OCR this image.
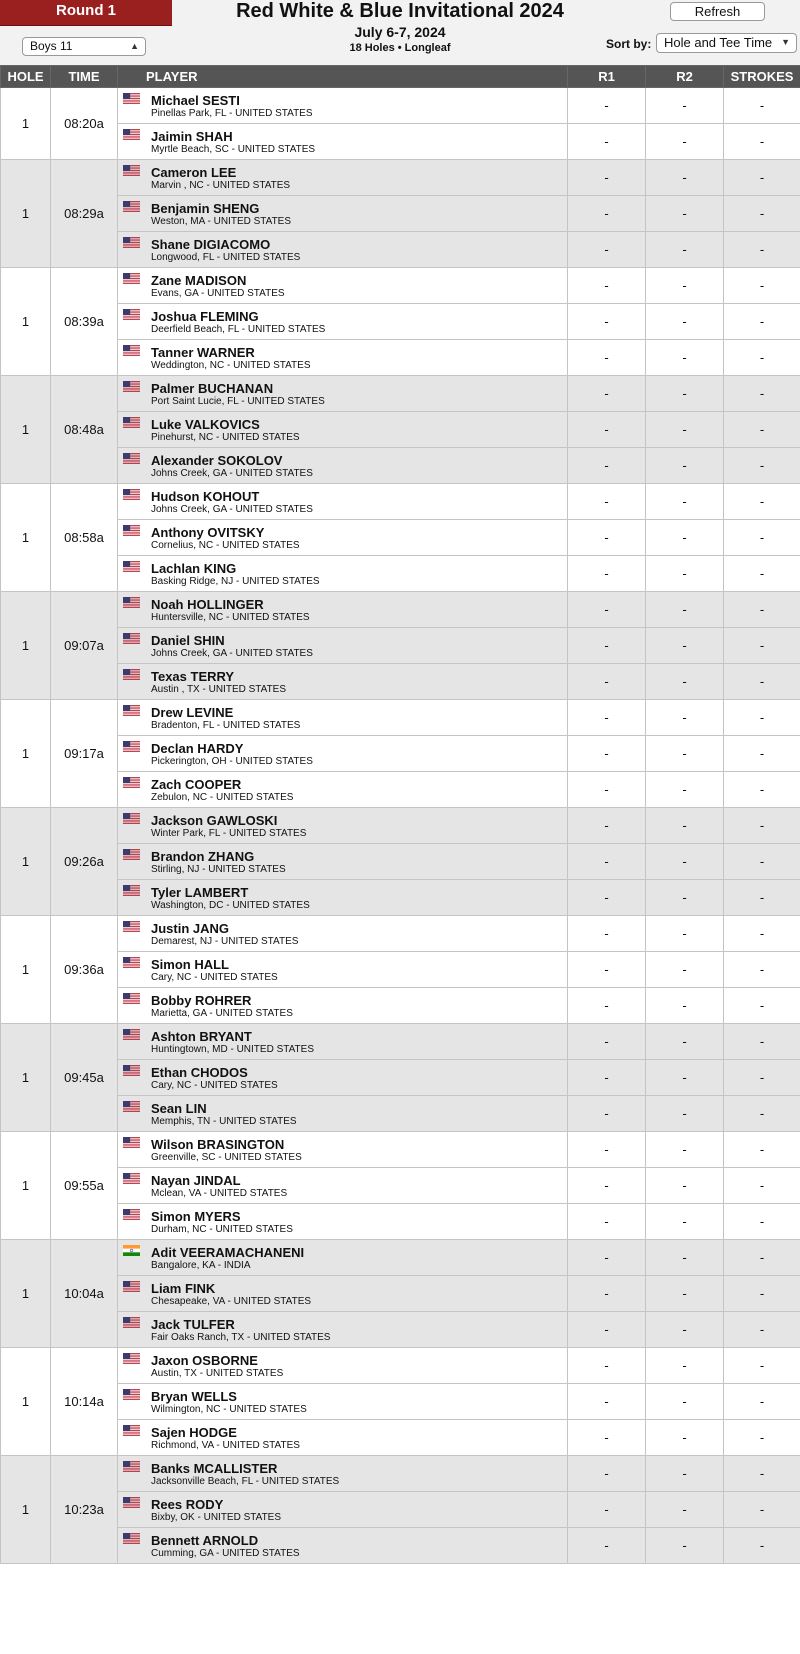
Round 1	Red White & Blue Invitational 2024
July 6-7, 2024
18 Holes • Longleaf
Refresh
Boys 11	▲	Sort by: Hole and Tee Time ▼
HOLE	TIME	PLAYER	R1	R2	STROKES
1	08:20a	Michael SESTI
Pinellas Park, FL - UNITED STATES	-	-	-

		Jaimin SHAH
Myrtle Beach, SC - UNITED STATES	-	-	-
1	08:29a	Cameron LEE
Marvin , NC - UNITED STATES	-	-	-

		Benjamin SHENG
Weston, MA - UNITED STATES	-	-	-

		Shane DIGIACOMO
Longwood, FL - UNITED STATES	-	-	-
1	08:39a	Zane MADISON
Evans, GA - UNITED STATES	-	-	-

		Joshua FLEMING
Deerfield Beach, FL - UNITED STATES	-	-	-

		Tanner WARNER
Weddington, NC - UNITED STATES	-	-	-
1	08:48a	Palmer BUCHANAN
Port Saint Lucie, FL - UNITED STATES	-	-	-

		Luke VALKOVICS
Pinehurst, NC - UNITED STATES	-	-	-

		Alexander SOKOLOV
Johns Creek, GA - UNITED STATES	-	-	-
1	08:58a	Hudson KOHOUT
Johns Creek, GA - UNITED STATES	-	-	-

		Anthony OVITSKY
Cornelius, NC - UNITED STATES	-	-	-

		Lachlan KING
Basking Ridge, NJ - UNITED STATES	-	-	-
1	09:07a	Noah HOLLINGER
Huntersville, NC - UNITED STATES	-	-	-

		Daniel SHIN
Johns Creek, GA - UNITED STATES	-	-	-

		Texas TERRY
Austin , TX - UNITED STATES	-	-	-
1	09:17a	Drew LEVINE
Bradenton, FL - UNITED STATES	-	-	-

		Declan HARDY
Pickerington, OH - UNITED STATES	-	-	-

		Zach COOPER
Zebulon, NC - UNITED STATES	-	-	-
1	09:26a	Jackson GAWLOSKI
Winter Park, FL - UNITED STATES	-	-	-

		Brandon ZHANG
Stirling, NJ - UNITED STATES	-	-	-

		Tyler LAMBERT
Washington, DC - UNITED STATES	-	-	-
1	09:36a	Justin JANG
Demarest, NJ - UNITED STATES	-	-	-

		Simon HALL
Cary, NC - UNITED STATES	-	-	-

		Bobby ROHRER
Marietta, GA - UNITED STATES	-	-	-
1	09:45a	Ashton BRYANT
Huntingtown, MD - UNITED STATES	-	-	-

		Ethan CHODOS
Cary, NC - UNITED STATES	-	-	-

		Sean LIN
Memphis, TN - UNITED STATES	-	-	-
1	09:55a	Wilson BRASINGTON
Greenville, SC - UNITED STATES	-	-	-

		Nayan JINDAL
Mclean, VA - UNITED STATES	-	-	-

		Simon MYERS
Durham, NC - UNITED STATES	-	-	-
1	10:04a	Adit VEERAMACHANENI
Bangalore, KA - INDIA	-	-	-

		Liam FINK
Chesapeake, VA - UNITED STATES	-	-	-

		Jack TULFER
Fair Oaks Ranch, TX - UNITED STATES	-	-	-
1	10:14a	Jaxon OSBORNE
Austin, TX - UNITED STATES	-	-	-

		Bryan WELLS
Wilmington, NC - UNITED STATES	-	-	-

		Sajen HODGE
Richmond, VA - UNITED STATES	-	-	-
1	10:23a	Banks MCALLISTER
Jacksonville Beach, FL - UNITED STATES	-	-	-

		Rees RODY
Bixby, OK - UNITED STATES	-	-	-

		Bennett ARNOLD
Cumming, GA - UNITED STATES	-	-	-
